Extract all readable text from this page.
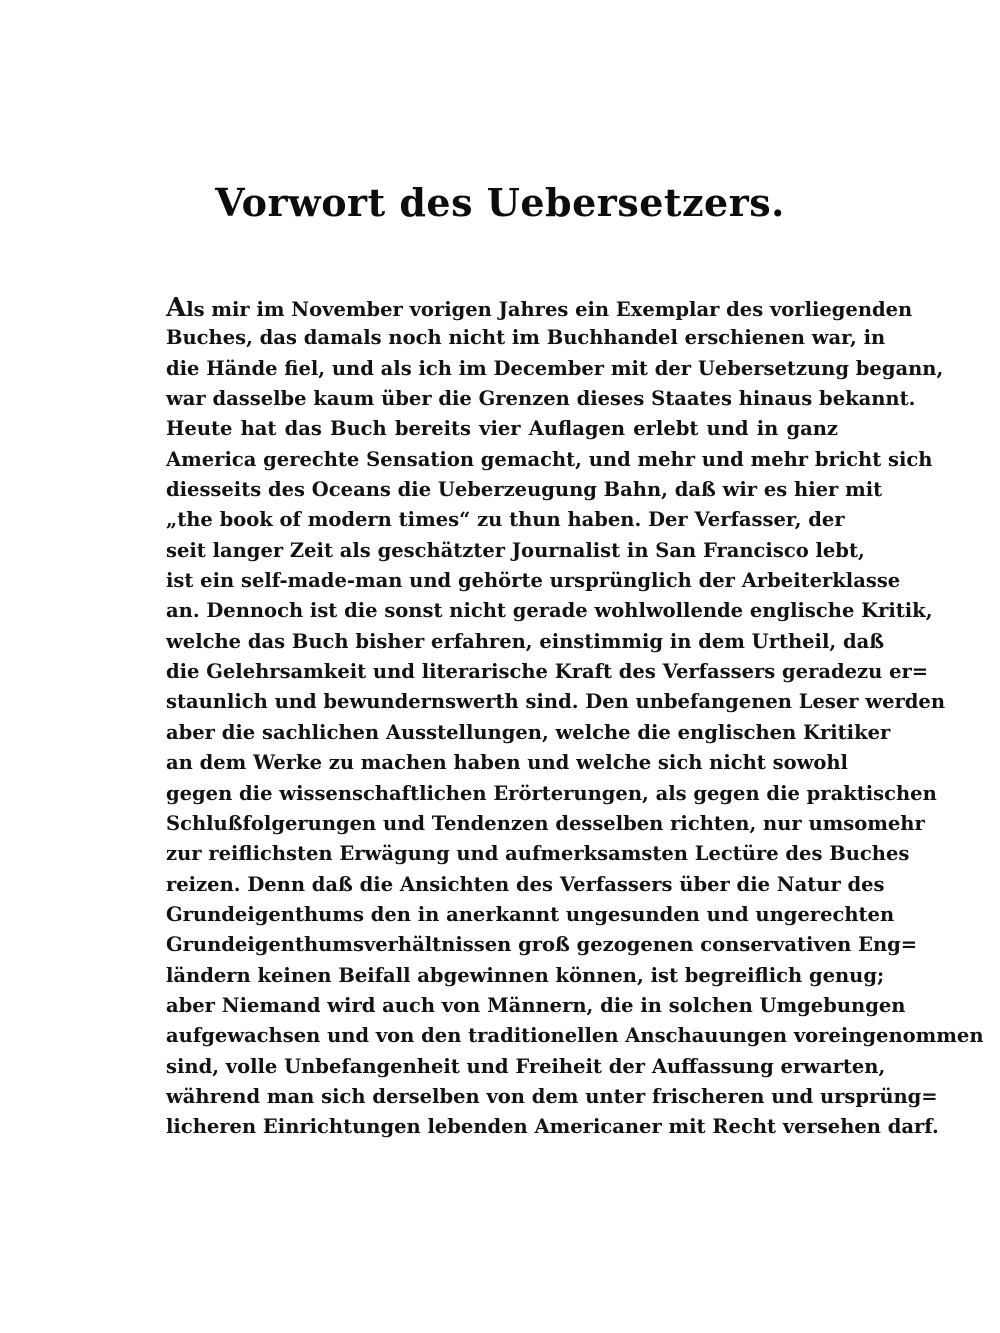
Vorwort des Uebersetzers.
Als mir im November vorigen Jahres ein Exemplar des vorliegenden
Buches, das damals noch nicht im Buchhandel erschienen war, in
die Hände fiel, und als ich im December mit der Uebersetzung begann,
war dasselbe kaum über die Grenzen dieses Staates hinaus bekannt.
Heute hat das Buch bereits vier Auflagen erlebt und in ganz
America gerechte Sensation gemacht, und mehr und mehr bricht sich
diesseits des Oceans die Ueberzeugung Bahn, daß wir es hier mit
„the book of modern times“ zu thun haben. Der Verfasser, der
seit langer Zeit als geschätzter Journalist in San Francisco lebt,
ist ein self-made-man und gehörte ursprünglich der Arbeiterklasse
an. Dennoch ist die sonst nicht gerade wohlwollende englische Kritik,
welche das Buch bisher erfahren, einstimmig in dem Urtheil, daß
die Gelehrsamkeit und literarische Kraft des Verfassers geradezu er=
staunlich und bewundernswerth sind. Den unbefangenen Leser werden
aber die sachlichen Ausstellungen, welche die englischen Kritiker
an dem Werke zu machen haben und welche sich nicht sowohl
gegen die wissenschaftlichen Erörterungen, als gegen die praktischen
Schlußfolgerungen und Tendenzen desselben richten, nur umsomehr
zur reiflichsten Erwägung und aufmerksamsten Lectüre des Buches
reizen. Denn daß die Ansichten des Verfassers über die Natur des
Grundeigenthums den in anerkannt ungesunden und ungerechten
Grundeigenthumsverhältnissen groß gezogenen conservativen Eng=
ländern keinen Beifall abgewinnen können, ist begreiflich genug;
aber Niemand wird auch von Männern, die in solchen Umgebungen
aufgewachsen und von den traditionellen Anschauungen voreingenommen
sind, volle Unbefangenheit und Freiheit der Auffassung erwarten,
während man sich derselben von dem unter frischeren und ursprüng=
licheren Einrichtungen lebenden Americaner mit Recht versehen darf.
